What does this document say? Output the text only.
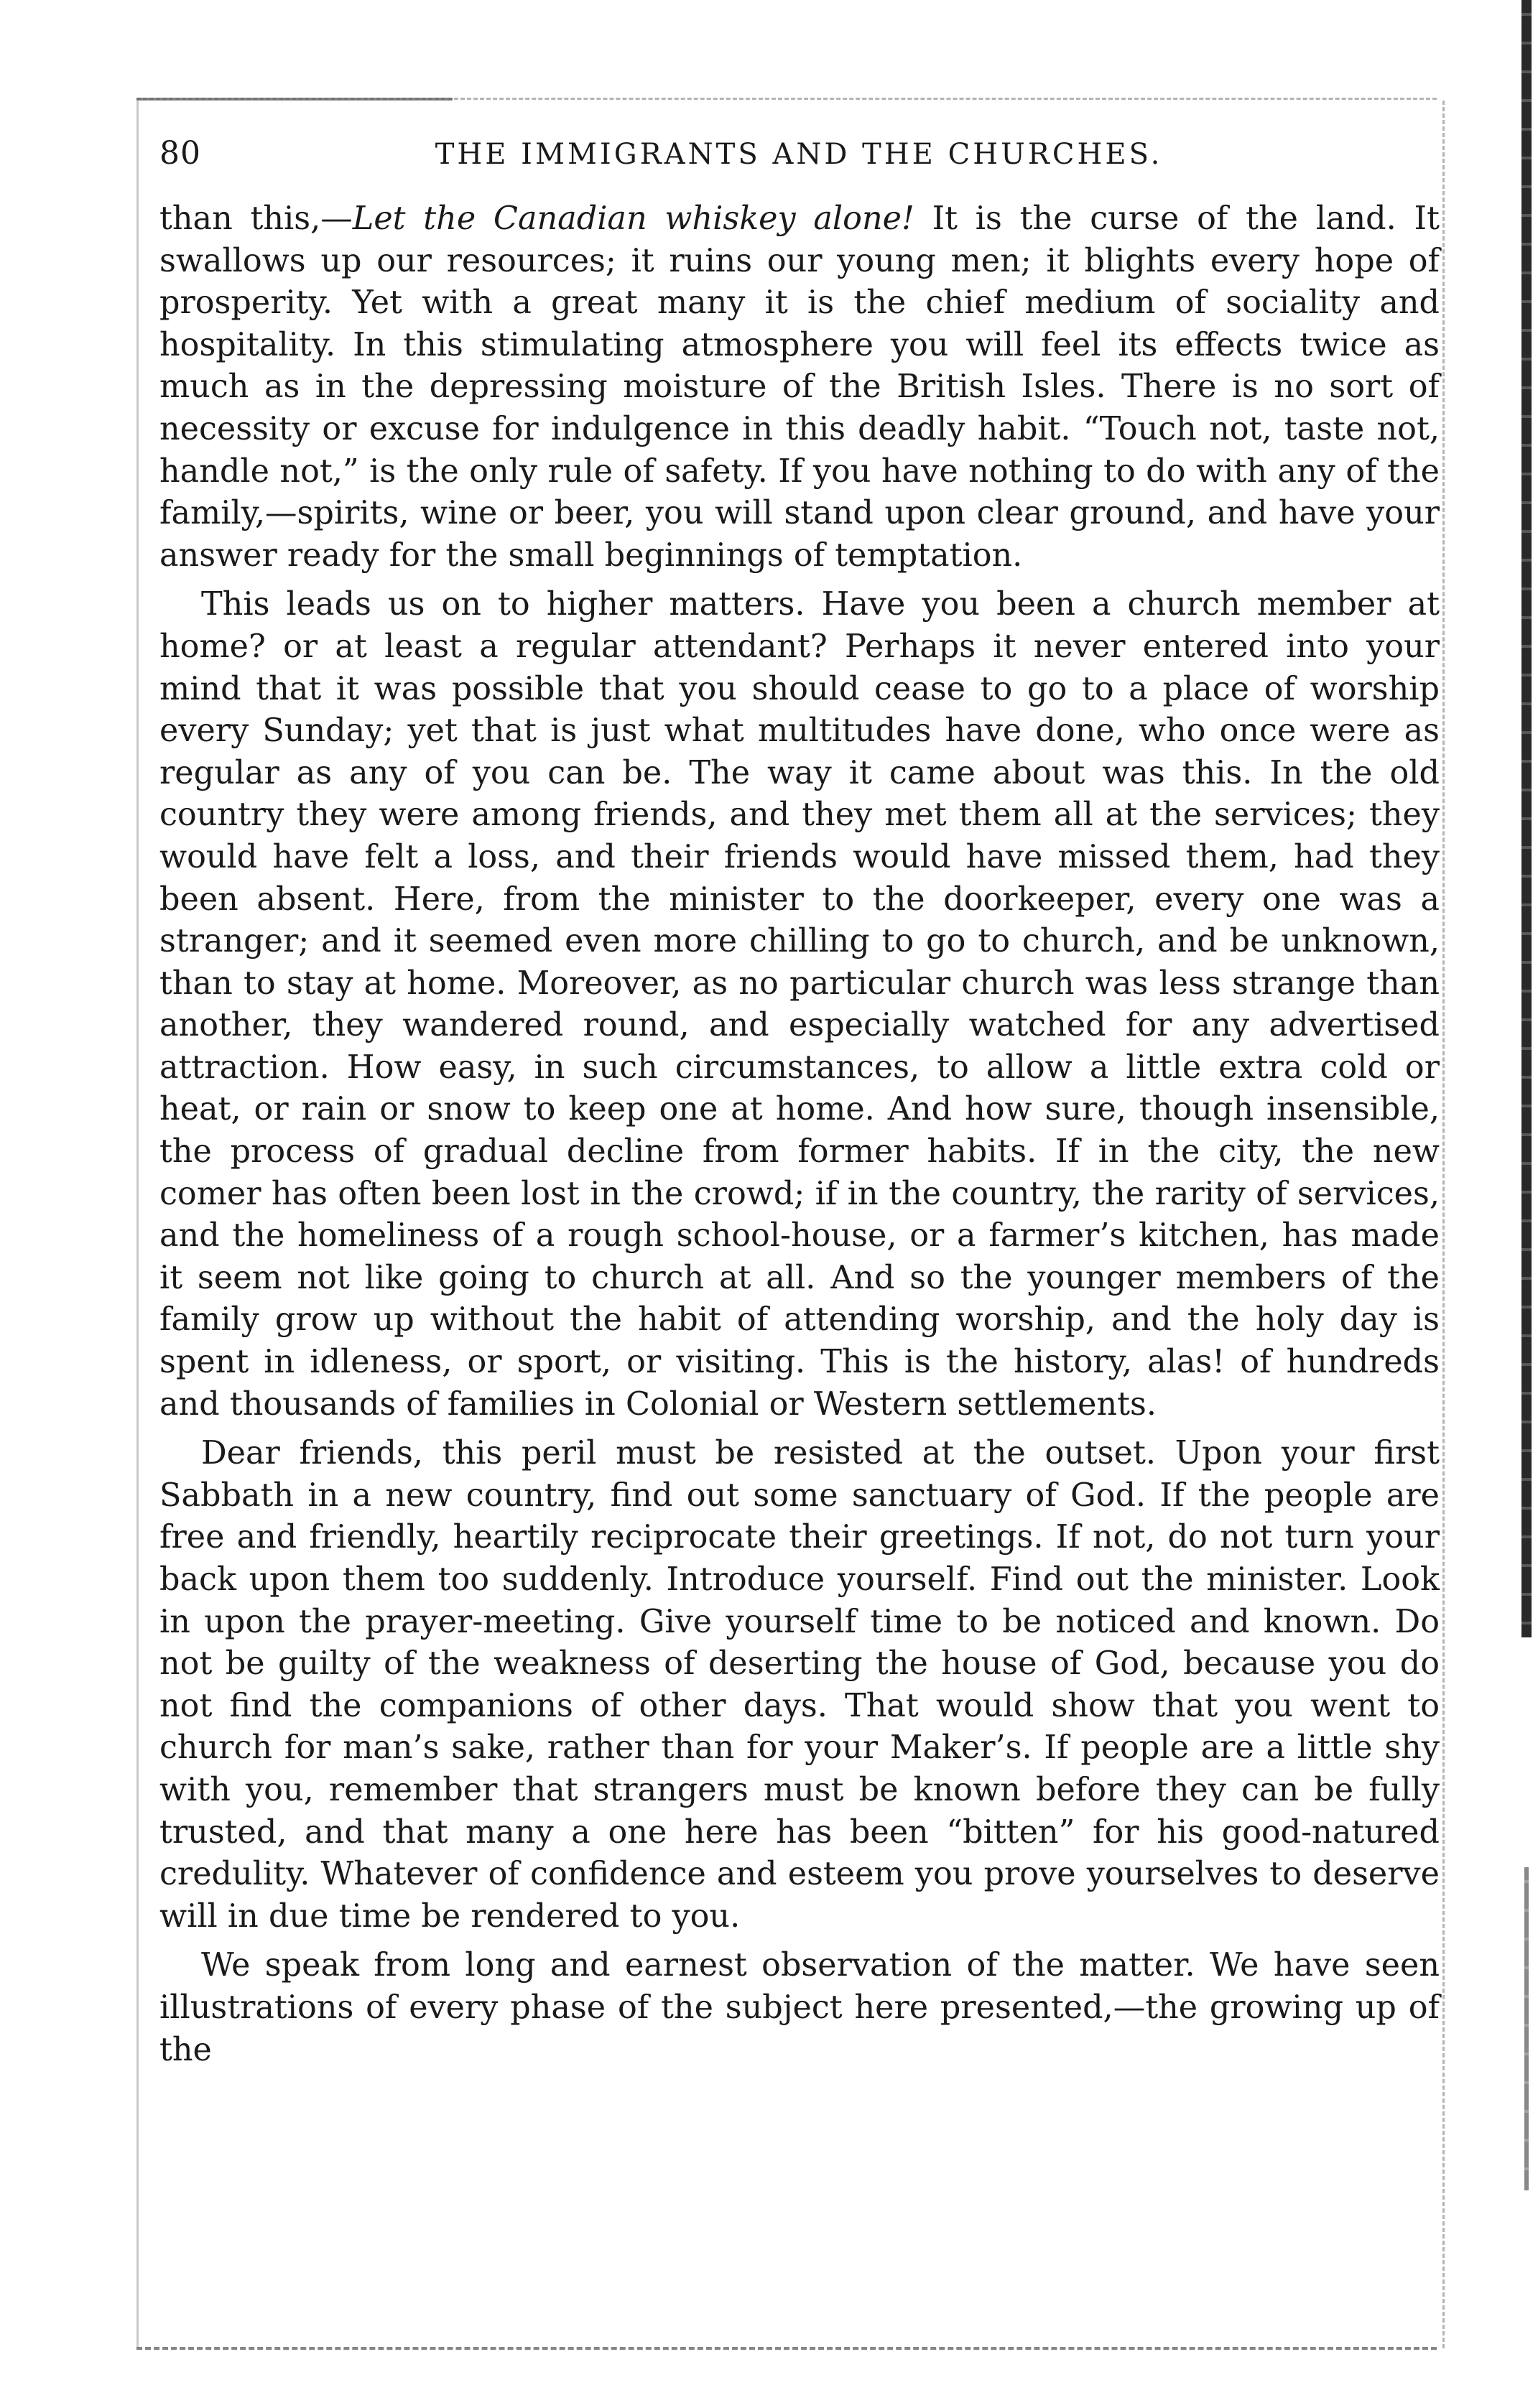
80	THE IMMIGRANTS AND THE CHURCHES.

than this,—Let the Canadian whiskey alone! It is the curse of the land. It swallows up our resources; it ruins our young men; it blights every hope of prosperity. Yet with a great many it is the chief medium of sociality and hospitality. In this stimulating atmosphere you will feel its effects twice as much as in the depressing moisture of the British Isles. There is no sort of necessity or excuse for indulgence in this deadly habit. “Touch not, taste not, handle not,” is the only rule of safety. If you have nothing to do with any of the family,—spirits, wine or beer, you will stand upon clear ground, and have your answer ready for the small beginnings of temptation.

This leads us on to higher matters. Have you been a church member at home? or at least a regular attendant? Perhaps it never entered into your mind that it was possible that you should cease to go to a place of worship every Sunday; yet that is just what multitudes have done, who once were as regular as any of you can be. The way it came about was this. In the old country they were among friends, and they met them all at the services; they would have felt a loss, and their friends would have missed them, had they been absent. Here, from the minister to the doorkeeper, every one was a stranger; and it seemed even more chilling to go to church, and be unknown, than to stay at home. Moreover, as no particular church was less strange than another, they wandered round, and especially watched for any advertised attraction. How easy, in such circumstances, to allow a little extra cold or heat, or rain or snow to keep one at home. And how sure, though insensible, the process of gradual decline from former habits. If in the city, the new comer has often been lost in the crowd; if in the country, the rarity of services, and the homeliness of a rough school-house, or a farmer’s kitchen, has made it seem not like going to church at all. And so the younger members of the family grow up without the habit of attending worship, and the holy day is spent in idleness, or sport, or visiting. This is the history, alas! of hundreds and thousands of families in Colonial or Western settlements.

Dear friends, this peril must be resisted at the outset. Upon your first Sabbath in a new country, find out some sanctuary of God. If the people are free and friendly, heartily reciprocate their greetings. If not, do not turn your back upon them too suddenly. Introduce yourself. Find out the minister. Look in upon the prayer-meeting. Give yourself time to be noticed and known. Do not be guilty of the weakness of deserting the house of God, because you do not find the companions of other days. That would show that you went to church for man’s sake, rather than for your Maker’s. If people are a little shy with you, remember that strangers must be known before they can be fully trusted, and that many a one here has been “bitten” for his good-natured credulity. Whatever of confidence and esteem you prove yourselves to deserve will in due time be rendered to you.

We speak from long and earnest observation of the matter. We have seen illustrations of every phase of the subject here presented,—the growing up of the
